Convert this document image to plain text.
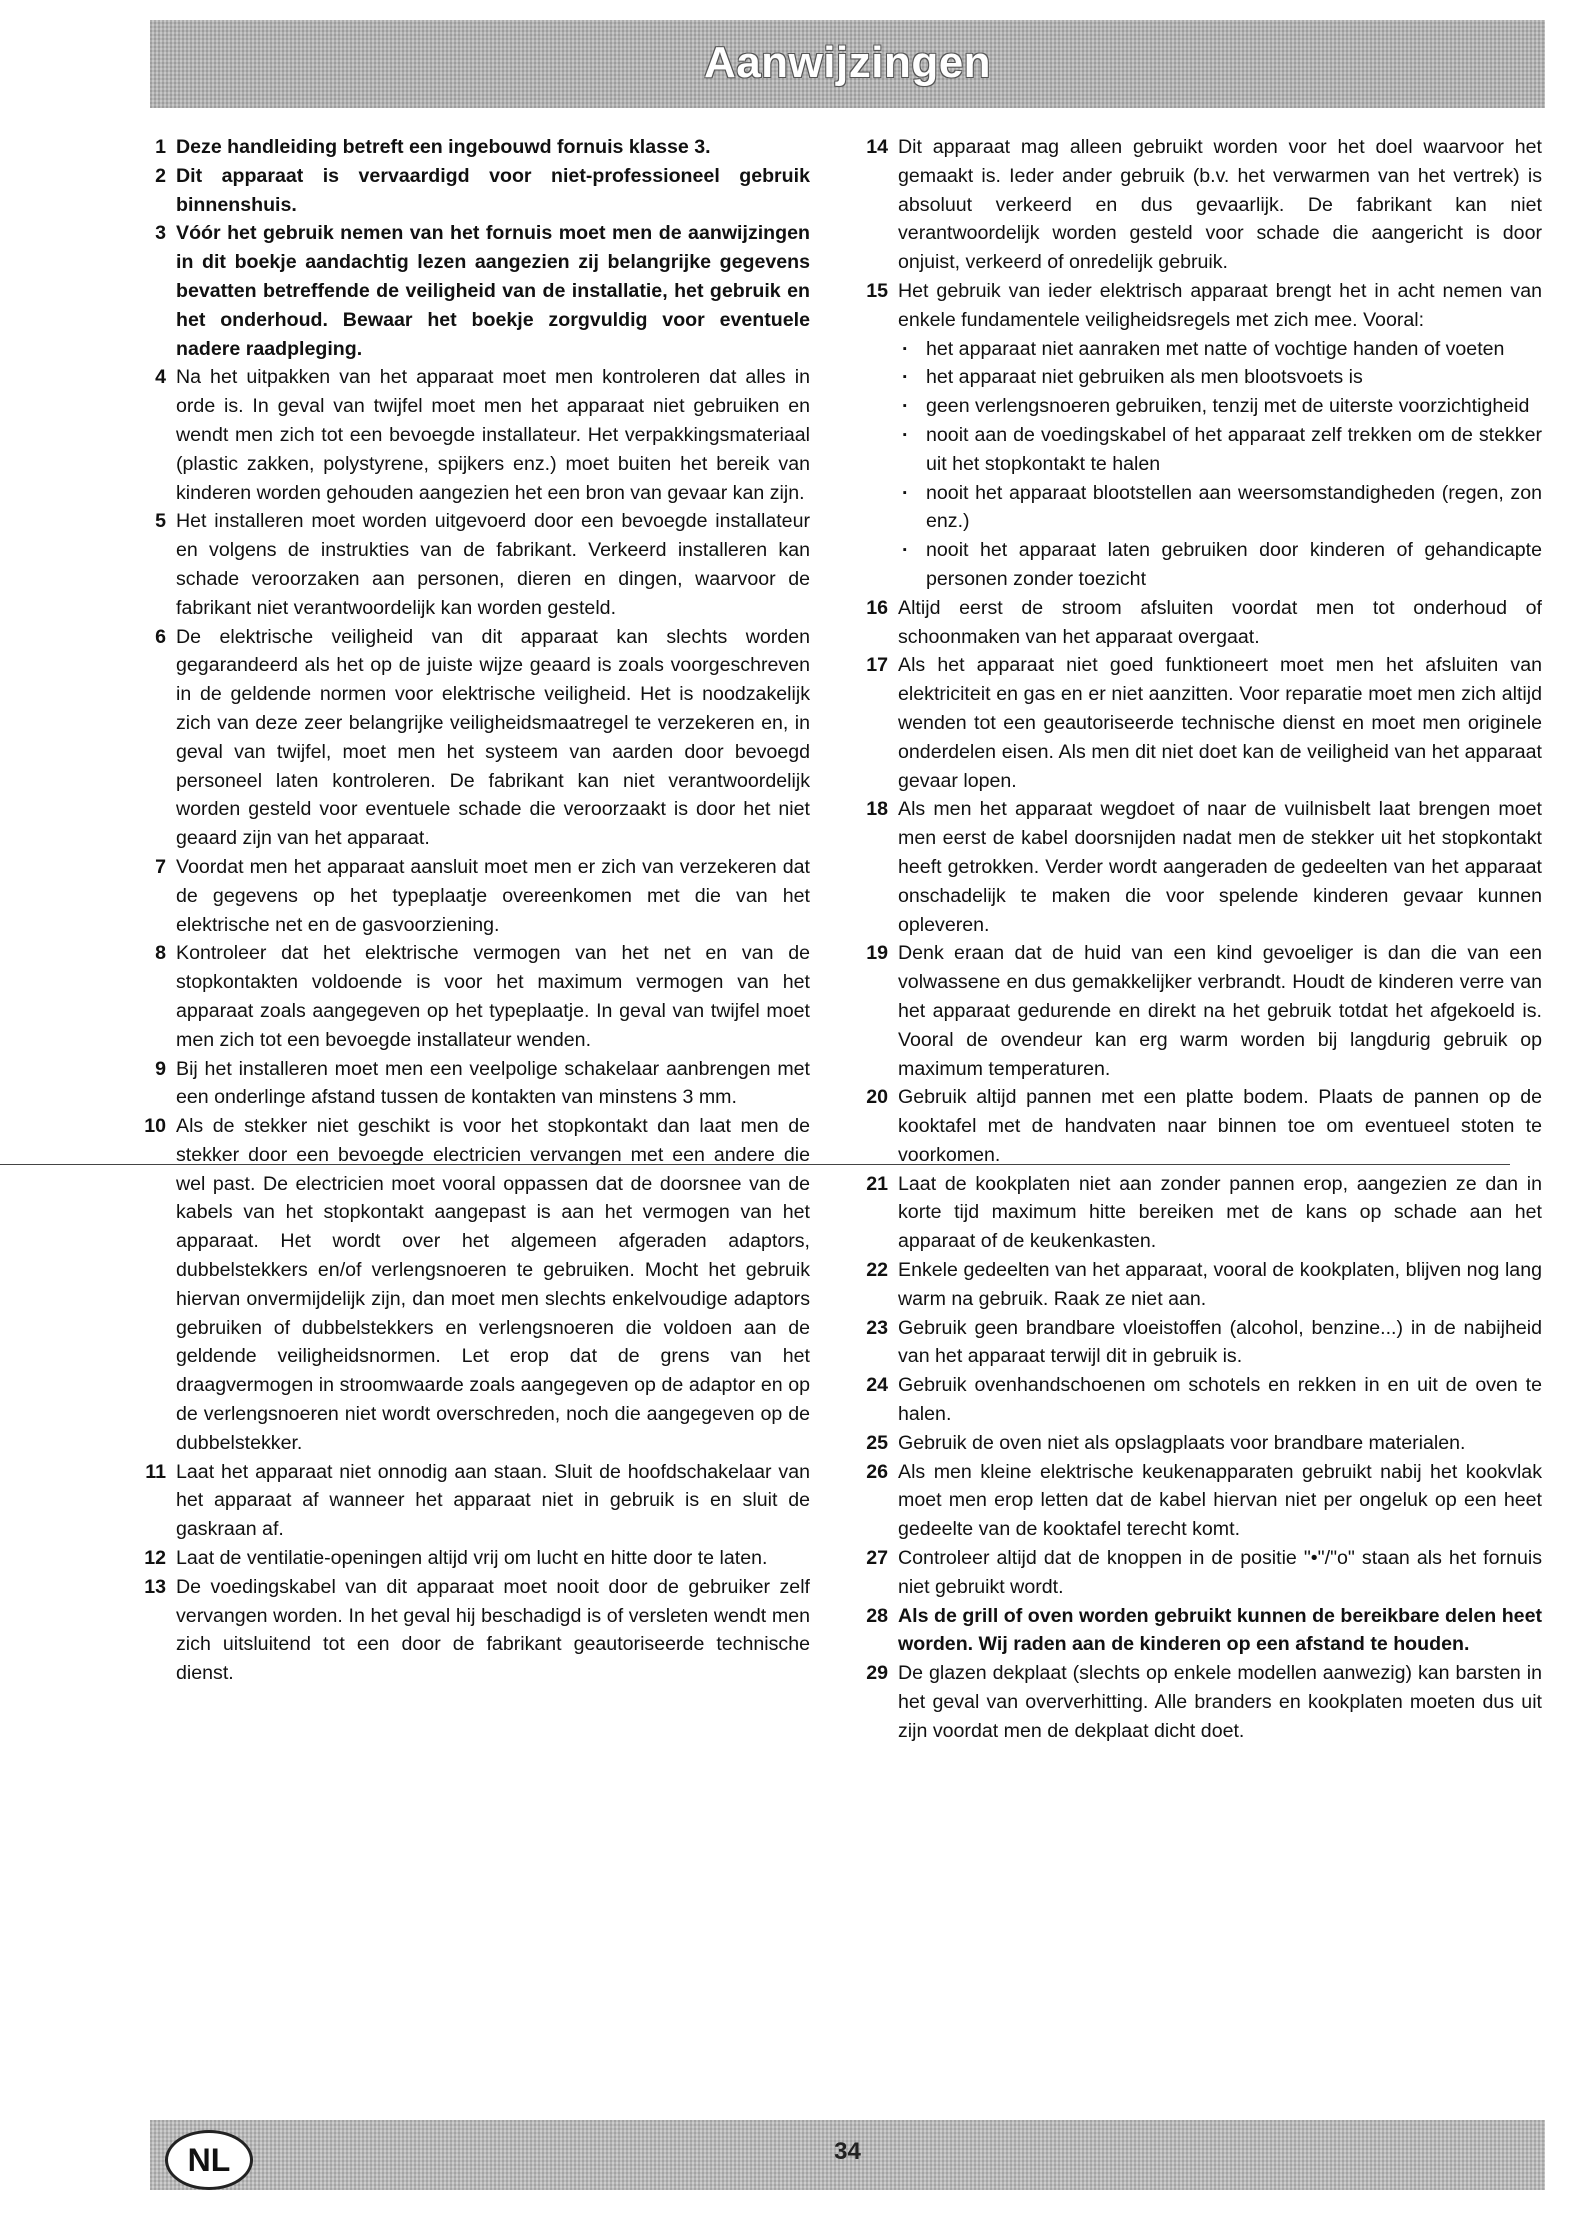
Aanwijzingen
1 Deze handleiding betreft een ingebouwd fornuis klasse 3.
2 Dit apparaat is vervaardigd voor niet-professioneel gebruik binnenshuis.
3 Vóór het gebruik nemen van het fornuis moet men de aanwijzingen in dit boekje aandachtig lezen aangezien zij belangrijke gegevens bevatten betreffende de veiligheid van de installatie, het gebruik en het onderhoud. Bewaar het boekje zorgvuldig voor eventuele nadere raadpleging.
4 Na het uitpakken van het apparaat moet men kontroleren dat alles in orde is. In geval van twijfel moet men het apparaat niet gebruiken en wendt men zich tot een bevoegde installateur. Het verpakkingsmateriaal (plastic zakken, polystyrene, spijkers enz.) moet buiten het bereik van kinderen worden gehouden aangezien het een bron van gevaar kan zijn.
5 Het installeren moet worden uitgevoerd door een bevoegde installateur en volgens de instrukties van de fabrikant. Verkeerd installeren kan schade veroorzaken aan personen, dieren en dingen, waarvoor de fabrikant niet verantwoordelijk kan worden gesteld.
6 De elektrische veiligheid van dit apparaat kan slechts worden gegarandeerd als het op de juiste wijze geaard is zoals voorgeschreven in de geldende normen voor elektrische veiligheid. Het is noodzakelijk zich van deze zeer belangrijke veiligheidsmaatregel te verzekeren en, in geval van twijfel, moet men het systeem van aarden door bevoegd personeel laten kontroleren. De fabrikant kan niet verantwoordelijk worden gesteld voor eventuele schade die veroorzaakt is door het niet geaard zijn van het apparaat.
7 Voordat men het apparaat aansluit moet men er zich van verzekeren dat de gegevens op het typeplaatje overeenkomen met die van het elektrische net en de gasvoorziening.
8 Kontroleer dat het elektrische vermogen van het net en van de stopkontakten voldoende is voor het maximum vermogen van het apparaat zoals aangegeven op het typeplaatje. In geval van twijfel moet men zich tot een bevoegde installateur wenden.
9 Bij het installeren moet men een veelpolige schakelaar aanbrengen met een onderlinge afstand tussen de kontakten van minstens 3 mm.
10 Als de stekker niet geschikt is voor het stopkontakt dan laat men de stekker door een bevoegde electricien vervangen met een andere die wel past. De electricien moet vooral oppassen dat de doorsnee van de kabels van het stopkontakt aangepast is aan het vermogen van het apparaat. Het wordt over het algemeen afgeraden adaptors, dubbelstekkers en/of verlengsnoeren te gebruiken. Mocht het gebruik hiervan onvermijdelijk zijn, dan moet men slechts enkelvoudige adaptors gebruiken of dubbelstekkers en verlengsnoeren die voldoen aan de geldende veiligheidsnormen. Let erop dat de grens van het draagvermogen in stroomwaarde zoals aangegeven op de adaptor en op de verlengsnoeren niet wordt overschreden, noch die aangegeven op de dubbelstekker.
11 Laat het apparaat niet onnodig aan staan. Sluit de hoofdschakelaar van het apparaat af wanneer het apparaat niet in gebruik is en sluit de gaskraan af.
12 Laat de ventilatie-openingen altijd vrij om lucht en hitte door te laten.
13 De voedingskabel van dit apparaat moet nooit door de gebruiker zelf vervangen worden. In het geval hij beschadigd is of versleten wendt men zich uitsluitend tot een door de fabrikant geautoriseerde technische dienst.
14 Dit apparaat mag alleen gebruikt worden voor het doel waarvoor het gemaakt is. Ieder ander gebruik (b.v. het verwarmen van het vertrek) is absoluut verkeerd en dus gevaarlijk. De fabrikant kan niet verantwoordelijk worden gesteld voor schade die aangericht is door onjuist, verkeerd of onredelijk gebruik.
15 Het gebruik van ieder elektrisch apparaat brengt het in acht nemen van enkele fundamentele veiligheidsregels met zich mee. Vooral:
· het apparaat niet aanraken met natte of vochtige handen of voeten
· het apparaat niet gebruiken als men blootsvoets is
· geen verlengsnoeren gebruiken, tenzij met de uiterste voorzichtigheid
· nooit aan de voedingskabel of het apparaat zelf trekken om de stekker uit het stopkontakt te halen
· nooit het apparaat blootstellen aan weersomstandigheden (regen, zon enz.)
· nooit het apparaat laten gebruiken door kinderen of gehandicapte personen zonder toezicht
16 Altijd eerst de stroom afsluiten voordat men tot onderhoud of schoonmaken van het apparaat overgaat.
17 Als het apparaat niet goed funktioneert moet men het afsluiten van elektriciteit en gas en er niet aanzitten. Voor reparatie moet men zich altijd wenden tot een geautoriseerde technische dienst en moet men originele onderdelen eisen. Als men dit niet doet kan de veiligheid van het apparaat gevaar lopen.
18 Als men het apparaat wegdoet of naar de vuilnisbelt laat brengen moet men eerst de kabel doorsnijden nadat men de stekker uit het stopkontakt heeft getrokken. Verder wordt aangeraden de gedeelten van het apparaat onschadelijk te maken die voor spelende kinderen gevaar kunnen opleveren.
19 Denk eraan dat de huid van een kind gevoeliger is dan die van een volwassene en dus gemakkelijker verbrandt. Houdt de kinderen verre van het apparaat gedurende en direkt na het gebruik totdat het afgekoeld is. Vooral de ovendeur kan erg warm worden bij langdurig gebruik op maximum temperaturen.
20 Gebruik altijd pannen met een platte bodem. Plaats de pannen op de kooktafel met de handvaten naar binnen toe om eventueel stoten te voorkomen.
21 Laat de kookplaten niet aan zonder pannen erop, aangezien ze dan in korte tijd maximum hitte bereiken met de kans op schade aan het apparaat of de keukenkasten.
22 Enkele gedeelten van het apparaat, vooral de kookplaten, blijven nog lang warm na gebruik. Raak ze niet aan.
23 Gebruik geen brandbare vloeistoffen (alcohol, benzine...) in de nabijheid van het apparaat terwijl dit in gebruik is.
24 Gebruik ovenhandschoenen om schotels en rekken in en uit de oven te halen.
25 Gebruik de oven niet als opslagplaats voor brandbare materialen.
26 Als men kleine elektrische keukenapparaten gebruikt nabij het kookvlak moet men erop letten dat de kabel hiervan niet per ongeluk op een heet gedeelte van de kooktafel terecht komt.
27 Controleer altijd dat de knoppen in de positie "•"/"o" staan als het fornuis niet gebruikt wordt.
28 Als de grill of oven worden gebruikt kunnen de bereikbare delen heet worden. Wij raden aan de kinderen op een afstand te houden.
29 De glazen dekplaat (slechts op enkele modellen aanwezig) kan barsten in het geval van oververhitting. Alle branders en kookplaten moeten dus uit zijn voordat men de dekplaat dicht doet.
34
NL
